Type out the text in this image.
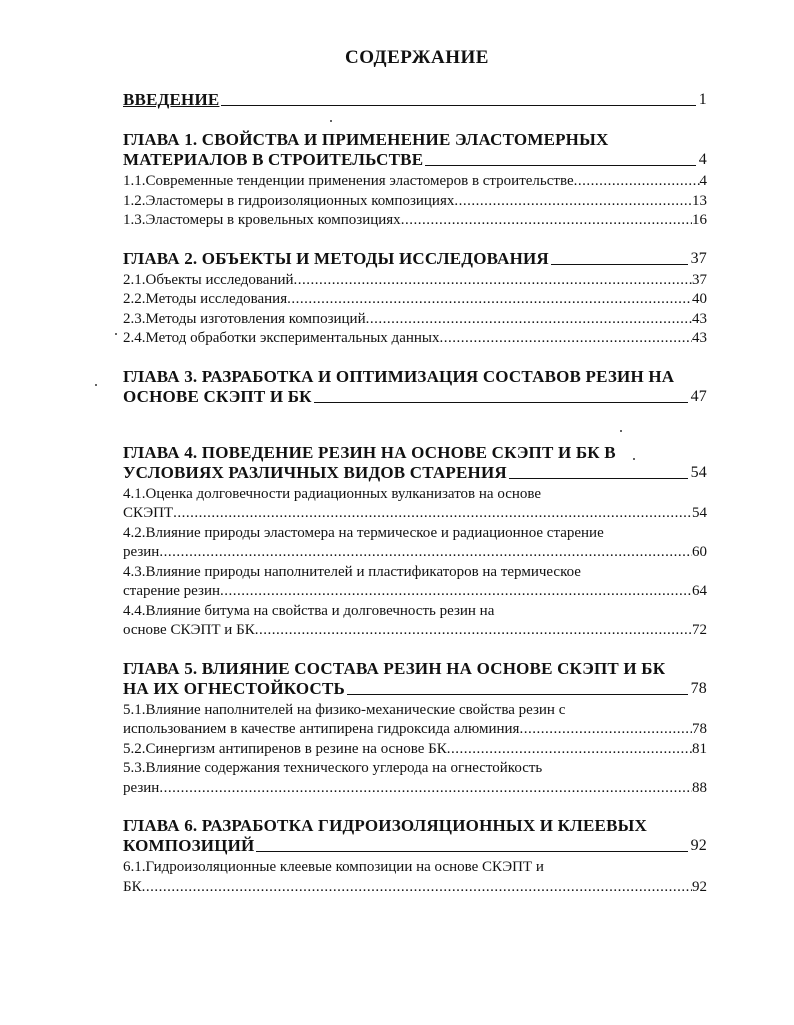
СОДЕРЖАНИЕ
ВВЕДЕНИЕ	1
ГЛАВА 1. СВОЙСТВА И ПРИМЕНЕНИЕ ЭЛАСТОМЕРНЫХ
МАТЕРИАЛОВ В СТРОИТЕЛЬСТВЕ	4
1.1.Современные тенденции применения эластомеров в строительстве .....	4
1.2.Эластомеры в гидроизоляционных композициях .....	13
1.3.Эластомеры в кровельных композициях .....	16
ГЛАВА 2. ОБЪЕКТЫ И МЕТОДЫ ИССЛЕДОВАНИЯ	37
2.1.Объекты исследований .....	37
2.2.Методы исследования .....	40
2.3.Методы изготовления композиций .....	43
2.4.Метод обработки экспериментальных данных .....	43
ГЛАВА 3. РАЗРАБОТКА И ОПТИМИЗАЦИЯ СОСТАВОВ РЕЗИН НА
ОСНОВЕ СКЭПТ И БК	47
ГЛАВА 4. ПОВЕДЕНИЕ РЕЗИН НА ОСНОВЕ СКЭПТ И БК В
УСЛОВИЯХ РАЗЛИЧНЫХ ВИДОВ СТАРЕНИЯ	54
4.1.Оценка долговечности радиационных вулканизатов на основе
СКЭПТ .....	54
4.2.Влияние природы эластомера на термическое и радиационное старение
резин .....	60
4.3.Влияние природы наполнителей и пластификаторов на термическое
старение резин .....	64
4.4.Влияние битума на свойства и долговечность резин на
основе СКЭПТ и БК .....	72
ГЛАВА 5. ВЛИЯНИЕ СОСТАВА РЕЗИН НА ОСНОВЕ СКЭПТ И БК
НА ИХ ОГНЕСТОЙКОСТЬ	78
5.1.Влияние наполнителей на физико-механические свойства резин с
использованием в качестве антипирена гидроксида алюминия .....	78
5.2.Синергизм антипиренов в резине на основе БК .....	81
5.3.Влияние содержания технического углерода на огнестойкость
резин .....	88
ГЛАВА 6. РАЗРАБОТКА ГИДРОИЗОЛЯЦИОННЫХ И КЛЕЕВЫХ
КОМПОЗИЦИЙ	92
6.1.Гидроизоляционные клеевые композиции на основе СКЭПТ и
БК .....	92
